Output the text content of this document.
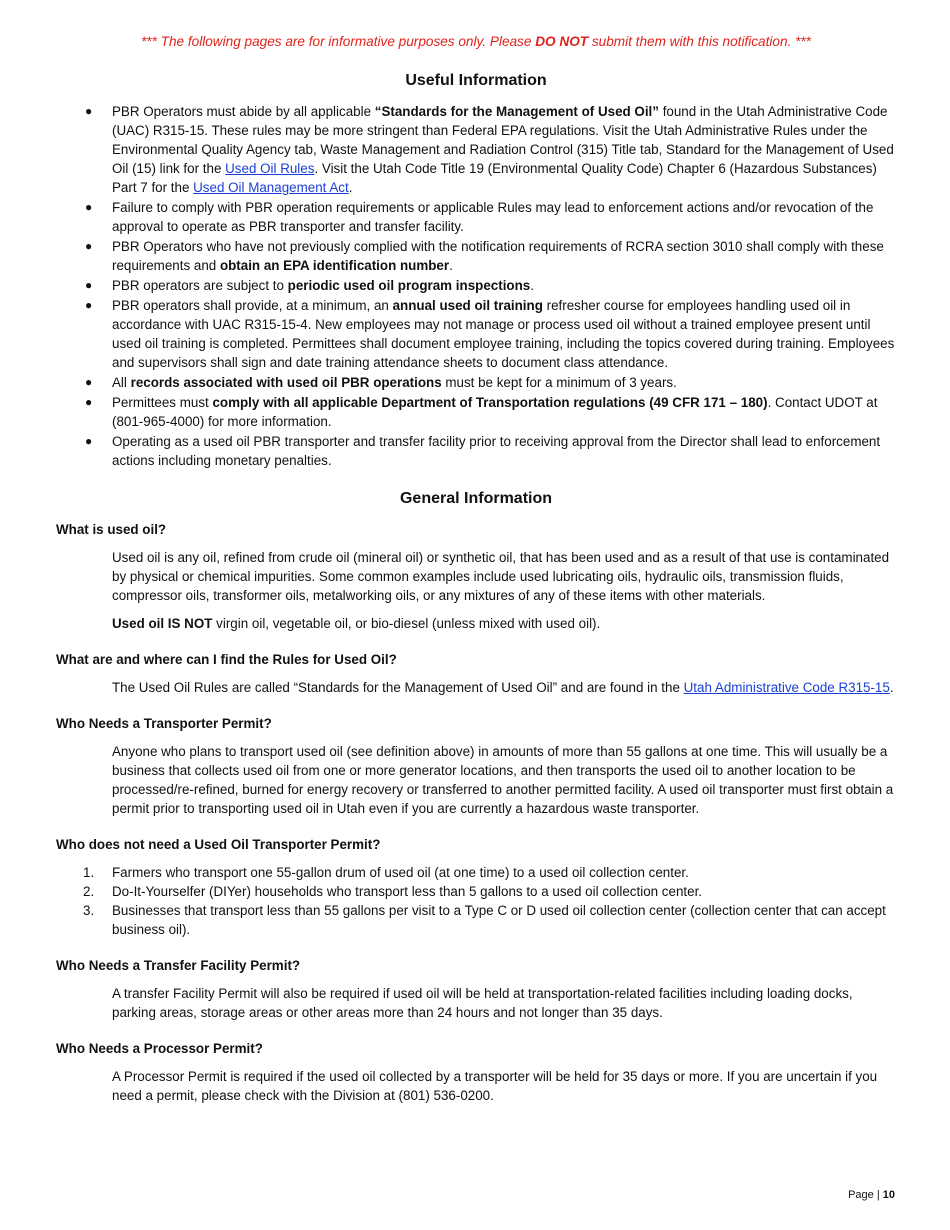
*** The following pages are for informative purposes only. Please DO NOT submit them with this notification. ***

Useful Information
● PBR Operators must abide by all applicable “Standards for the Management of Used Oil” found in the Utah Administrative Code (UAC) R315-15. These rules may be more stringent than Federal EPA regulations. Visit the Utah Administrative Rules under the Environmental Quality Agency tab, Waste Management and Radiation Control (315) Title tab, Standard for the Management of Used Oil (15) link for the Used Oil Rules. Visit the Utah Code Title 19 (Environmental Quality Code) Chapter 6 (Hazardous Substances) Part 7 for the Used Oil Management Act.
● Failure to comply with PBR operation requirements or applicable Rules may lead to enforcement actions and/or revocation of the approval to operate as PBR transporter and transfer facility.
● PBR Operators who have not previously complied with the notification requirements of RCRA section 3010 shall comply with these requirements and obtain an EPA identification number.
● PBR operators are subject to periodic used oil program inspections.
● PBR operators shall provide, at a minimum, an annual used oil training refresher course for employees handling used oil in accordance with UAC R315-15-4. New employees may not manage or process used oil without a trained employee present until used oil training is completed. Permittees shall document employee training, including the topics covered during training. Employees and supervisors shall sign and date training attendance sheets to document class attendance.
● All records associated with used oil PBR operations must be kept for a minimum of 3 years.
● Permittees must comply with all applicable Department of Transportation regulations (49 CFR 171 – 180). Contact UDOT at (801-965-4000) for more information.
● Operating as a used oil PBR transporter and transfer facility prior to receiving approval from the Director shall lead to enforcement actions including monetary penalties.
General Information
What is used oil?

Used oil is any oil, refined from crude oil (mineral oil) or synthetic oil, that has been used and as a result of that use is contaminated by physical or chemical impurities. Some common examples include used lubricating oils, hydraulic oils, transmission fluids, compressor oils, transformer oils, metalworking oils, or any mixtures of any of these items with other materials.

Used oil IS NOT virgin oil, vegetable oil, or bio-diesel (unless mixed with used oil).

What are and where can I find the Rules for Used Oil?

The Used Oil Rules are called “Standards for the Management of Used Oil” and are found in the Utah Administrative Code R315-15.

Who Needs a Transporter Permit?

Anyone who plans to transport used oil (see definition above) in amounts of more than 55 gallons at one time. This will usually be a business that collects used oil from one or more generator locations, and then transports the used oil to another location to be processed/re-refined, burned for energy recovery or transferred to another permitted facility. A used oil transporter must first obtain a permit prior to transporting used oil in Utah even if you are currently a hazardous waste transporter.

Who does not need a Used Oil Transporter Permit?
1. Farmers who transport one 55-gallon drum of used oil (at one time) to a used oil collection center.
2. Do-It-Yourselfer (DIYer) households who transport less than 5 gallons to a used oil collection center.
3. Businesses that transport less than 55 gallons per visit to a Type C or D used oil collection center (collection center that can accept business oil).
Who Needs a Transfer Facility Permit?

A transfer Facility Permit will also be required if used oil will be held at transportation-related facilities including loading docks, parking areas, storage areas or other areas more than 24 hours and not longer than 35 days.

Who Needs a Processor Permit?

A Processor Permit is required if the used oil collected by a transporter will be held for 35 days or more. If you are uncertain if you need a permit, please check with the Division at (801) 536-0200.

Page | 10
